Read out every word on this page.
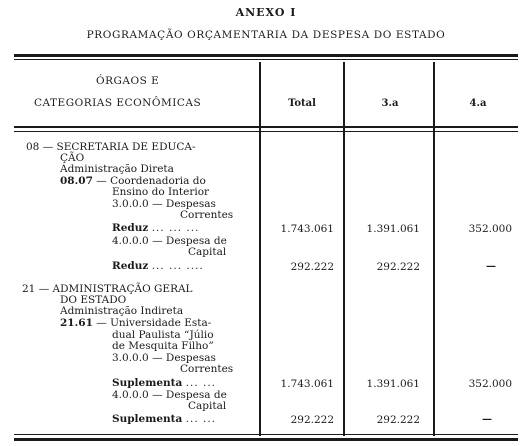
ANEXO I
PROGRAMAÇÃO ORÇAMENTARIA DA DESPESA DO ESTADO
ÓRGAOS E
CATEGORIAS ECONÔMICAS	Total	3.a	4.a
08 — SECRETARIA DE EDUCA-
ÇÃO
Administração Direta
08.07 — Coordenadoria do
Ensino do Interior
3.0.0.0 — Despesas
Correntes
Reduz ... ... ...	1.743.061	1.391.061	352.000
4.0.0.0 — Despesa de
Capital
Reduz ... ... ....	292.222	292.222	—
21 — ADMINISTRAÇÃO GERAL
DO ESTADO
Administração Indireta
21.61 — Universidade Esta-
dual Paulista “Júlio
de Mesquita Filho”
3.0.0.0 — Despesas
Correntes
Suplementa ... ...	1.743.061	1.391.061	352.000
4.0.0.0 — Despesa de
Capital
Suplementa ... ...	292.222	292.222	—
